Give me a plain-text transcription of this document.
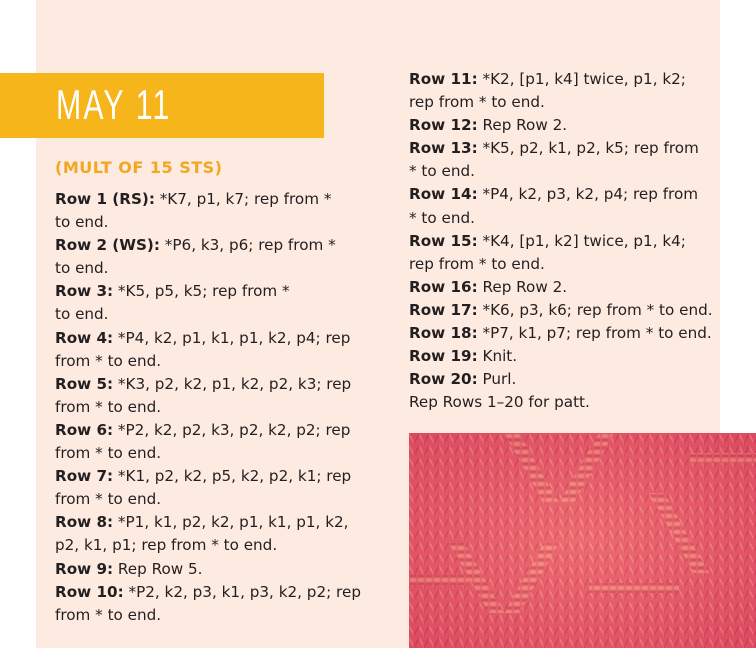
MAY 11
(MULT OF 15 STS)
Row 1 (RS): *K7, p1, k7; rep from *
to end.
Row 2 (WS): *P6, k3, p6; rep from *
to end.
Row 3: *K5, p5, k5; rep from *
to end.
Row 4: *P4, k2, p1, k1, p1, k2, p4; rep
from * to end.
Row 5: *K3, p2, k2, p1, k2, p2, k3; rep
from * to end.
Row 6: *P2, k2, p2, k3, p2, k2, p2; rep
from * to end.
Row 7: *K1, p2, k2, p5, k2, p2, k1; rep
from * to end.
Row 8: *P1, k1, p2, k2, p1, k1, p1, k2,
p2, k1, p1; rep from * to end.
Row 9: Rep Row 5.
Row 10: *P2, k2, p3, k1, p3, k2, p2; rep
from * to end.
Row 11: *K2, [p1, k4] twice, p1, k2;
rep from * to end.
Row 12: Rep Row 2.
Row 13: *K5, p2, k1, p2, k5; rep from
* to end.
Row 14: *P4, k2, p3, k2, p4; rep from
* to end.
Row 15: *K4, [p1, k2] twice, p1, k4;
rep from * to end.
Row 16: Rep Row 2.
Row 17: *K6, p3, k6; rep from * to end.
Row 18: *P7, k1, p7; rep from * to end.
Row 19: Knit.
Row 20: Purl.
Rep Rows 1–20 for patt.
